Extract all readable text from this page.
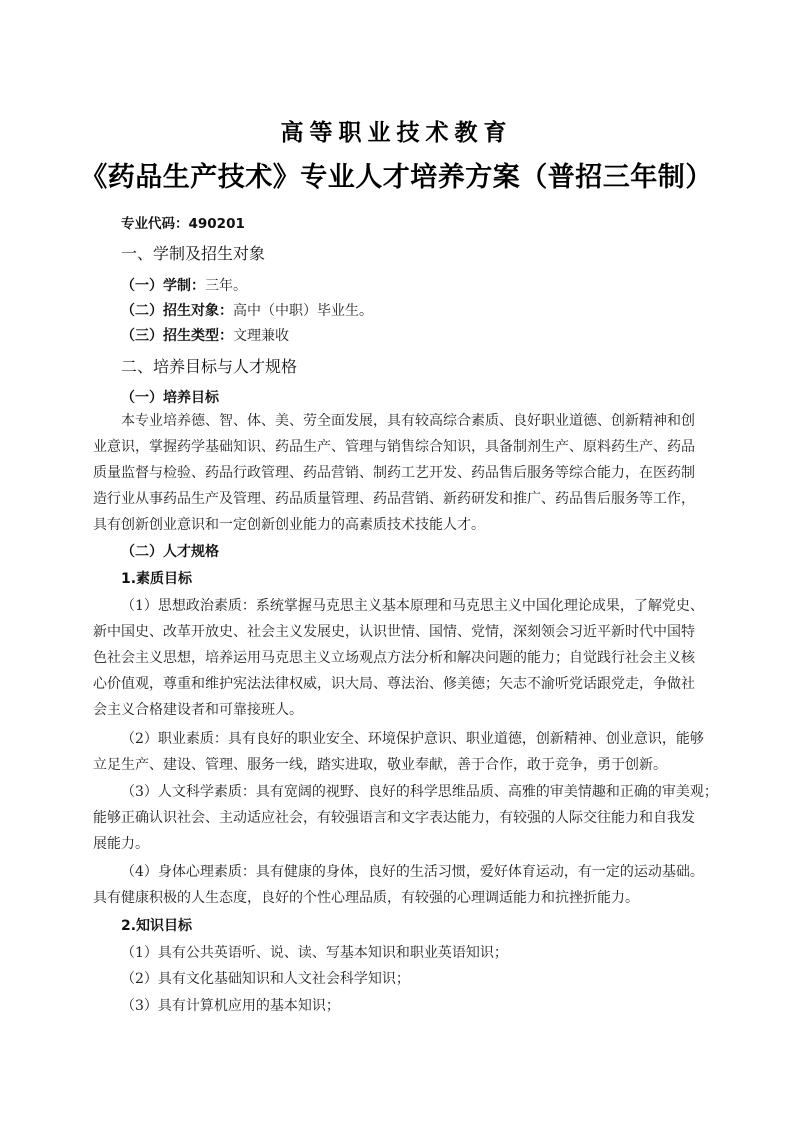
高等职业技术教育
《药品生产技术》专业人才培养方案（普招三年制）
专业代码：490201
一、学制及招生对象
（一）学制：三年。
（二）招生对象：高中（中职）毕业生。
（三）招生类型：文理兼收
二、培养目标与人才规格
（一）培养目标
本专业培养德、智、体、美、劳全面发展，具有较高综合素质、良好职业道德、创新精神和创
业意识，掌握药学基础知识、药品生产、管理与销售综合知识，具备制剂生产、原料药生产、药品
质量监督与检验、药品行政管理、药品营销、制药工艺开发、药品售后服务等综合能力，在医药制
造行业从事药品生产及管理、药品质量管理、药品营销、新药研发和推广、药品售后服务等工作，
具有创新创业意识和一定创新创业能力的高素质技术技能人才。
（二）人才规格
1.素质目标
（1）思想政治素质：系统掌握马克思主义基本原理和马克思主义中国化理论成果，了解党史、
新中国史、改革开放史、社会主义发展史，认识世情、国情、党情，深刻领会习近平新时代中国特
色社会主义思想，培养运用马克思主义立场观点方法分析和解决问题的能力；自觉践行社会主义核
心价值观，尊重和维护宪法法律权威，识大局、尊法治、修美德；矢志不渝听党话跟党走，争做社
会主义合格建设者和可靠接班人。
（2）职业素质：具有良好的职业安全、环境保护意识、职业道德，创新精神、创业意识，能够
立足生产、建设、管理、服务一线，踏实进取，敬业奉献，善于合作，敢于竞争，勇于创新。
（3）人文科学素质：具有宽阔的视野、良好的科学思维品质、高雅的审美情趣和正确的审美观；
能够正确认识社会、主动适应社会，有较强语言和文字表达能力，有较强的人际交往能力和自我发
展能力。
（4）身体心理素质：具有健康的身体，良好的生活习惯，爱好体育运动，有一定的运动基础。
具有健康积极的人生态度，良好的个性心理品质，有较强的心理调适能力和抗挫折能力。
2.知识目标
（1）具有公共英语听、说、读、写基本知识和职业英语知识；
（2）具有文化基础知识和人文社会科学知识；
（3）具有计算机应用的基本知识；
